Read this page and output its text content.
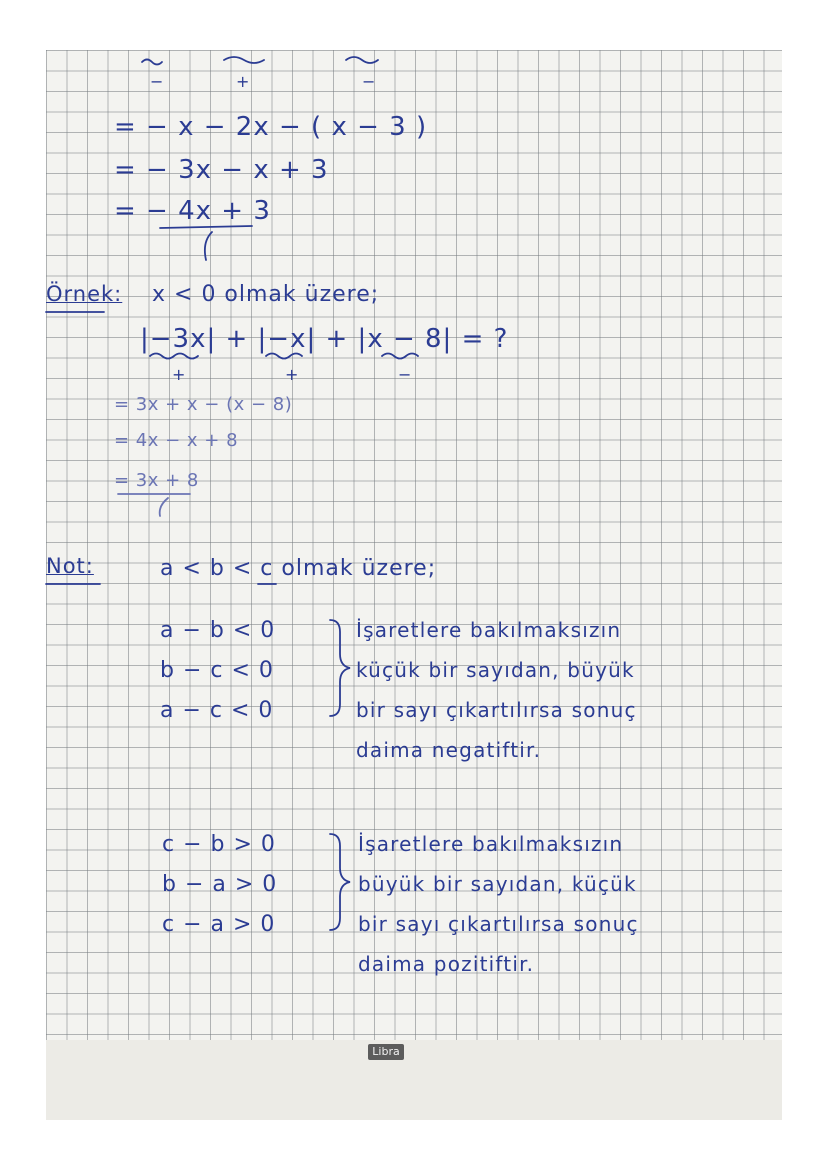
−	+	−
= − x − 2x − ( x − 3 )
= − 3x − x + 3
= − 4x + 3
Örnek: x < 0 olmak üzere;
|−3x| + |−x| + |x − 8| = ?
+	+	−
= 3x + x − (x − 8)
= 4x − x + 8
= 3x + 8
Not:	a < b < c olmak üzere;
a − b < 0
b − c < 0
a − c < 0
İşaretlere bakılmaksızın
küçük bir sayıdan, büyük
bir sayı çıkartılırsa sonuç
daima negatiftir.
c − b > 0
b − a > 0
c − a > 0
İşaretlere bakılmaksızın
büyük bir sayıdan, küçük
bir sayı çıkartılırsa sonuç
daima pozitiftir.
Libra
